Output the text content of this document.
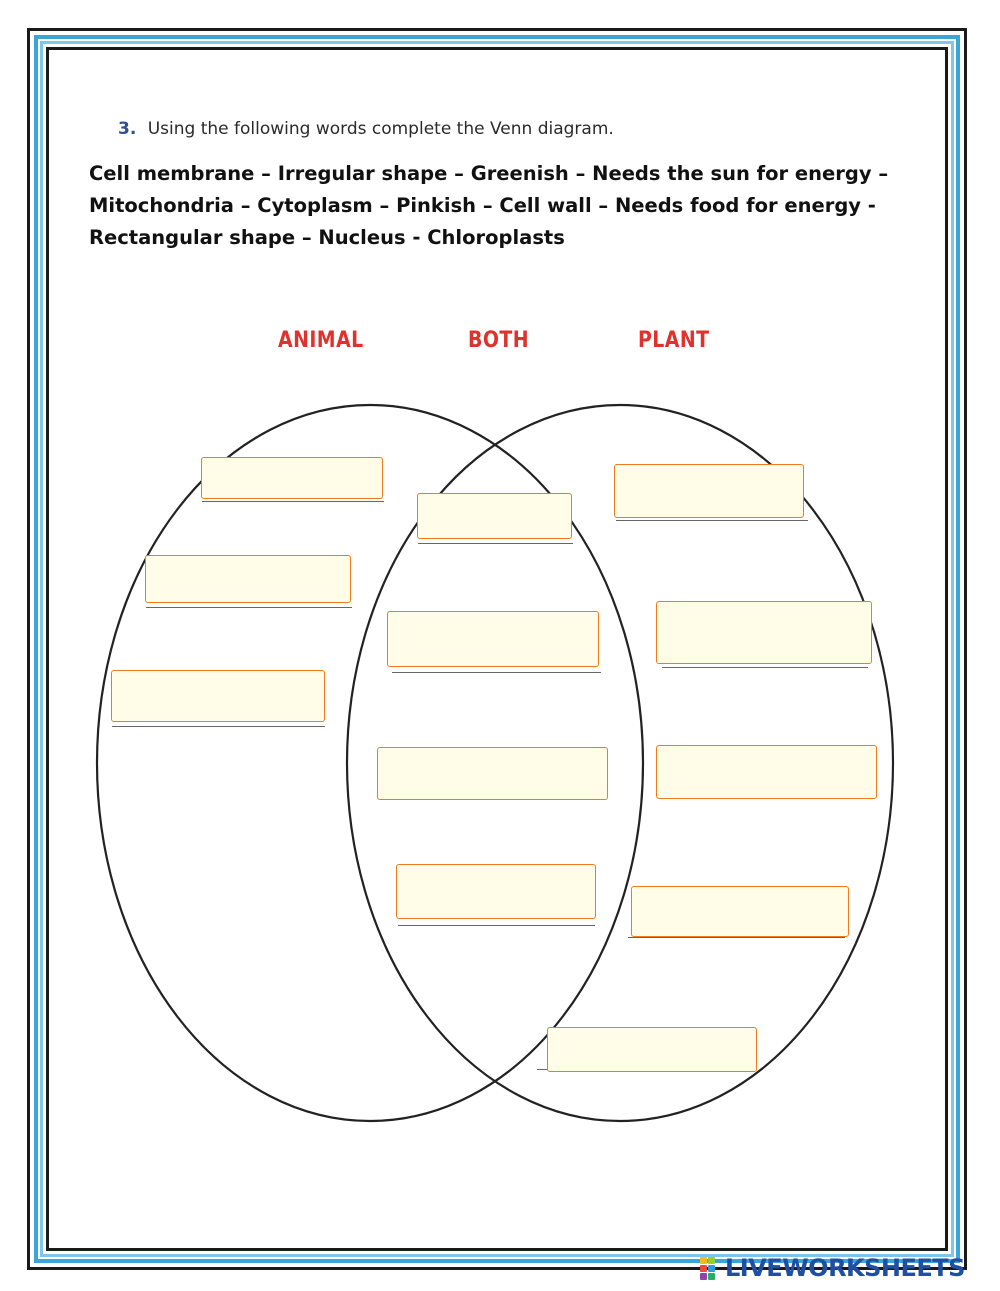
3. Using the following words complete the Venn diagram.
Cell membrane – Irregular shape – Greenish – Needs the sun for energy –
Mitochondria – Cytoplasm – Pinkish – Cell wall – Needs food for energy -
Rectangular shape – Nucleus - Chloroplasts
ANIMAL	BOTH	PLANT
LIVEWORKSHEETS
